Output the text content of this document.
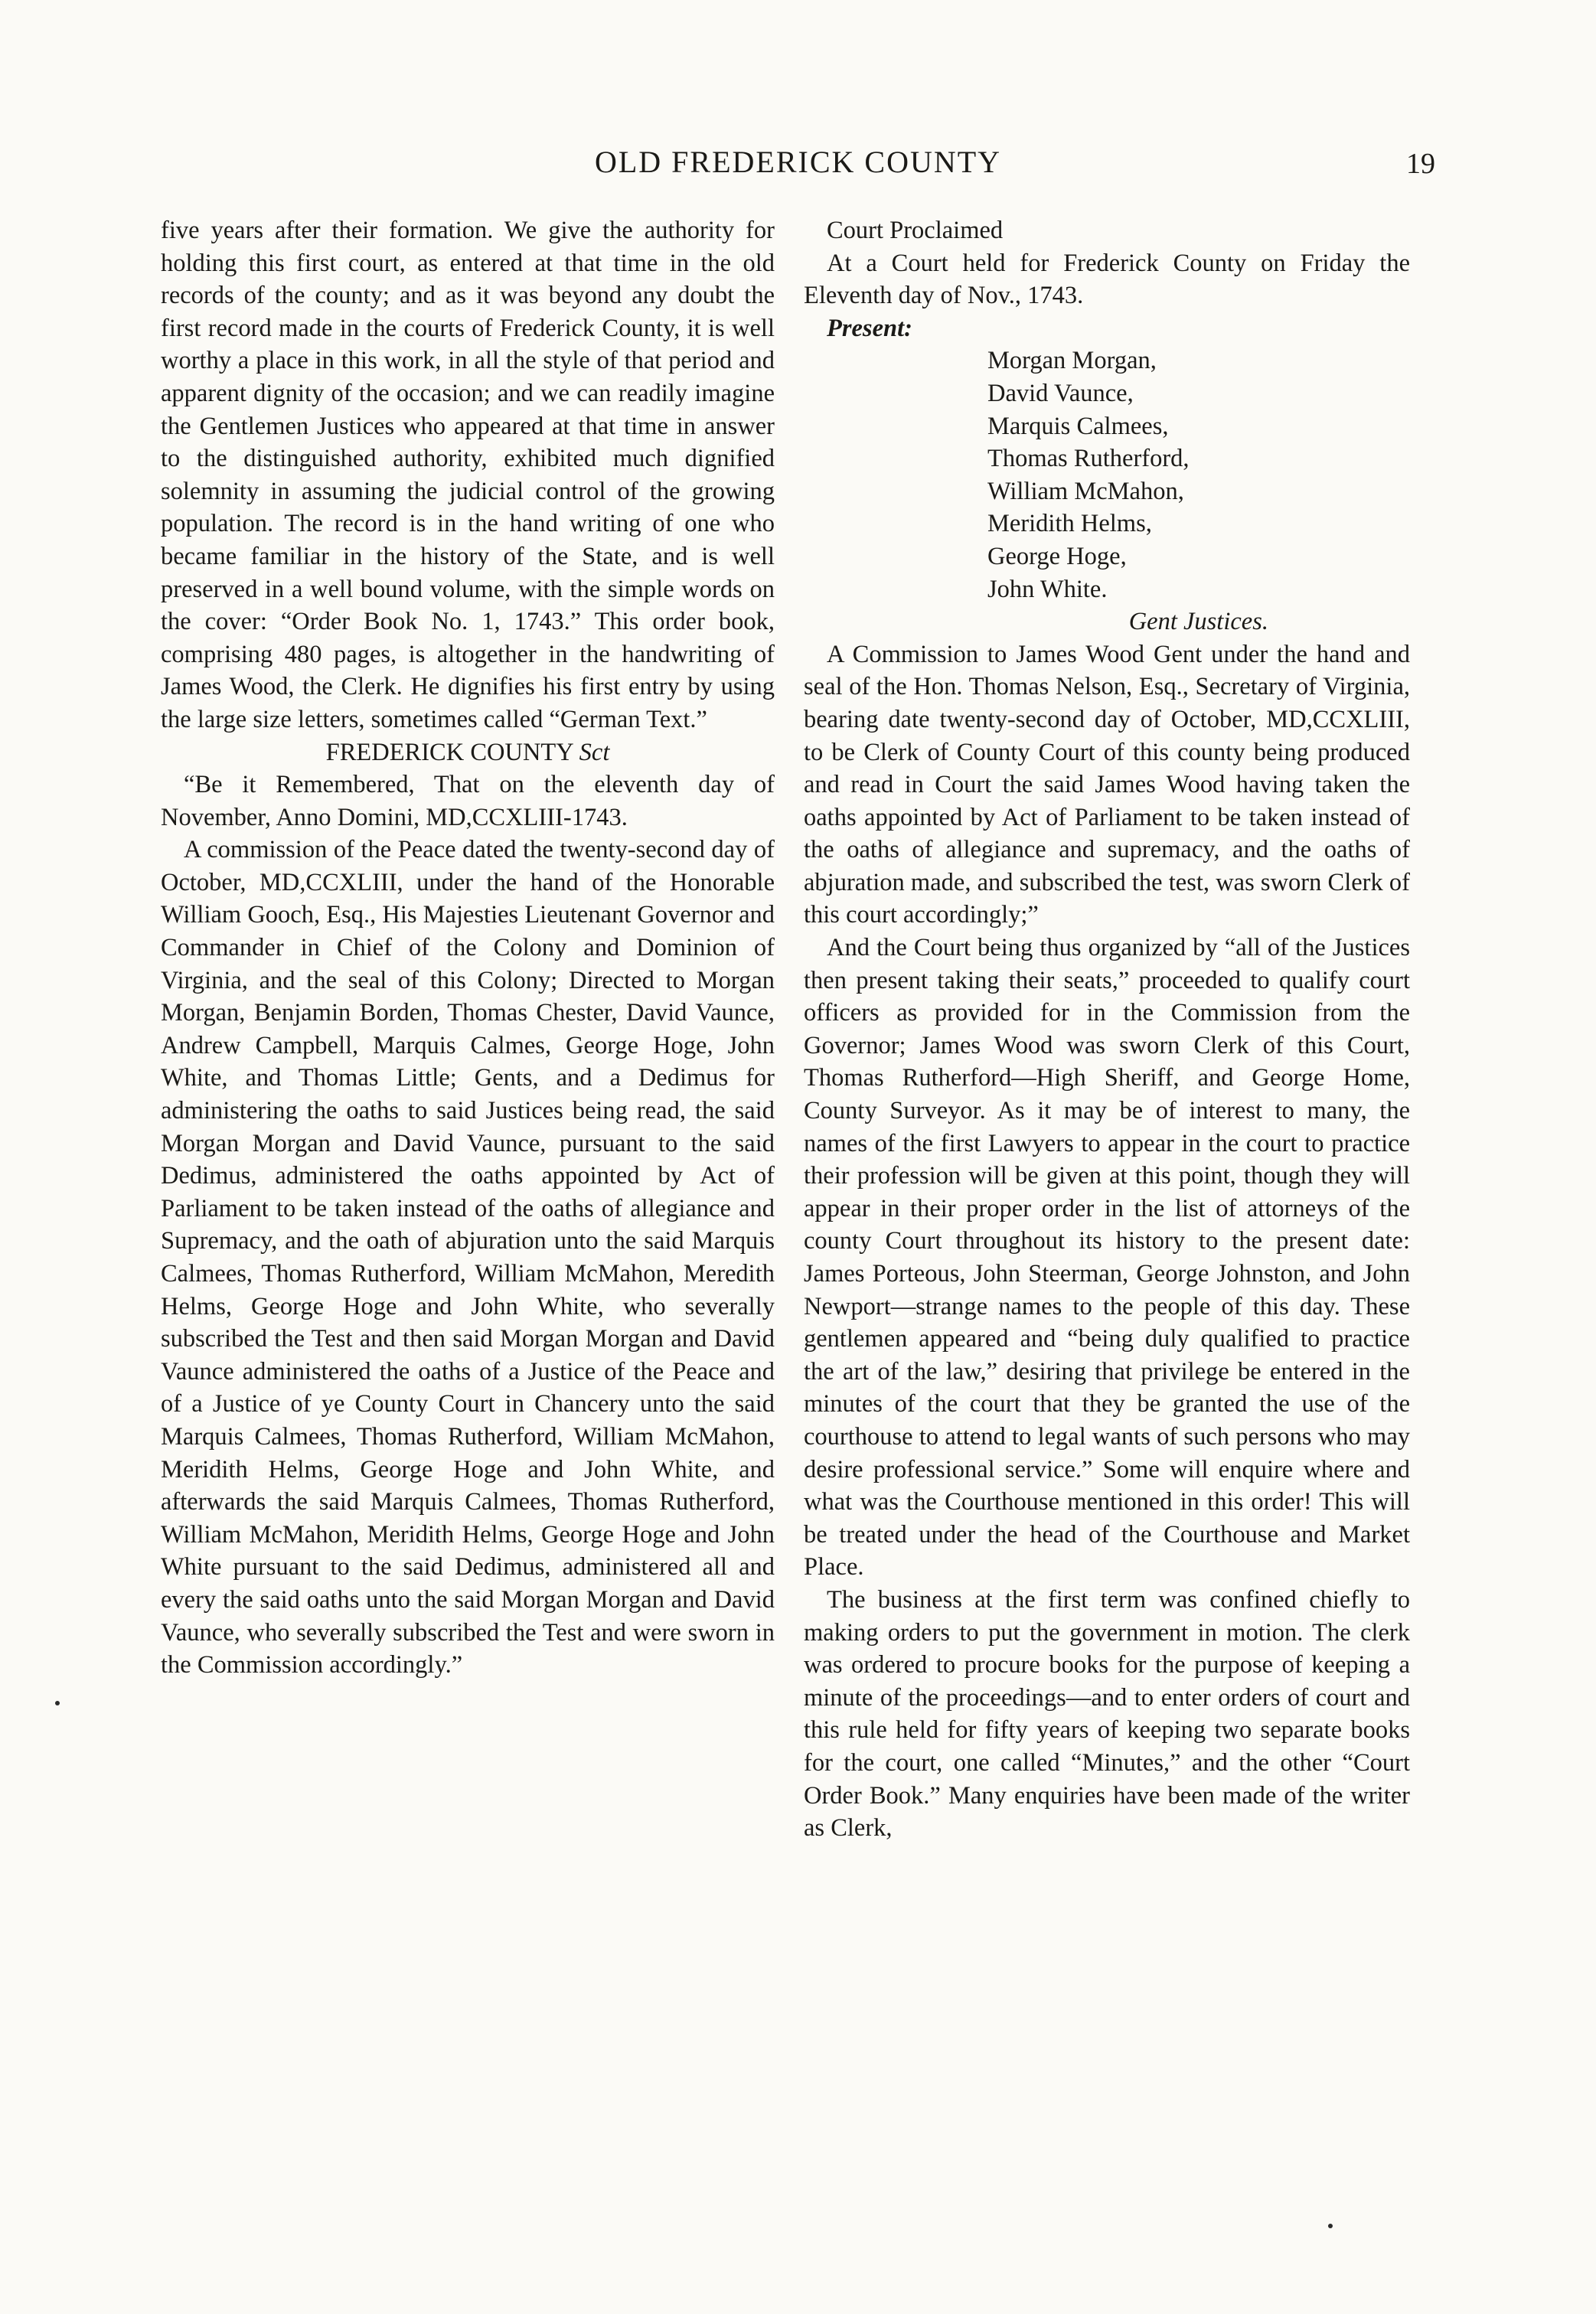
OLD FREDERICK COUNTY	19

five years after their formation. We give the authority for holding this first court, as entered at that time in the old records of the county; and as it was beyond any doubt the first record made in the courts of Frederick County, it is well worthy a place in this work, in all the style of that period and apparent dignity of the occasion; and we can readily imagine the Gentlemen Justices who appeared at that time in answer to the distinguished authority, exhibited much dignified solemnity in assuming the judicial control of the growing population. The record is in the hand writing of one who became familiar in the history of the State, and is well preserved in a well bound volume, with the simple words on the cover: “Order Book No. 1, 1743.” This order book, comprising 480 pages, is altogether in the handwriting of James Wood, the Clerk. He dignifies his first entry by using the large size letters, sometimes called “German Text.”

FREDERICK COUNTY Sct

“Be it Remembered, That on the eleventh day of November, Anno Domini, MD,CCXLIII-1743.

A commission of the Peace dated the twenty-second day of October, MD,CCXLIII, under the hand of the Honorable William Gooch, Esq., His Majesties Lieutenant Governor and Commander in Chief of the Colony and Dominion of Virginia, and the seal of this Colony; Directed to Morgan Morgan, Benjamin Borden, Thomas Chester, David Vaunce, Andrew Campbell, Marquis Calmes, George Hoge, John White, and Thomas Little; Gents, and a Dedimus for administering the oaths to said Justices being read, the said Morgan Morgan and David Vaunce, pursuant to the said Dedimus, administered the oaths appointed by Act of Parliament to be taken instead of the oaths of allegiance and Supremacy, and the oath of abjuration unto the said Marquis Calmees, Thomas Rutherford, William McMahon, Meredith Helms, George Hoge and John White, who severally subscribed the Test and then said Morgan Morgan and David Vaunce administered the oaths of a Justice of the Peace and of a Justice of ye County Court in Chancery unto the said Marquis Calmees, Thomas Rutherford, William McMahon, Meridith Helms, George Hoge and John White, and afterwards the said Marquis Calmees, Thomas Rutherford, William McMahon, Meridith Helms, George Hoge and John White pursuant to the said Dedimus, administered all and every the said oaths unto the said Morgan Morgan and David Vaunce, who severally subscribed the Test and were sworn in the Commission accordingly.”

Court Proclaimed

At a Court held for Frederick County on Friday the Eleventh day of Nov., 1743.

Present:

Morgan Morgan,
David Vaunce,
Marquis Calmees,
Thomas Rutherford,
William McMahon,
Meridith Helms,
George Hoge,
John White.

Gent Justices.

A Commission to James Wood Gent under the hand and seal of the Hon. Thomas Nelson, Esq., Secretary of Virginia, bearing date twenty-second day of October, MD,CCXLIII, to be Clerk of County Court of this county being produced and read in Court the said James Wood having taken the oaths appointed by Act of Parliament to be taken instead of the oaths of allegiance and supremacy, and the oaths of abjuration made, and subscribed the test, was sworn Clerk of this court accordingly;”

And the Court being thus organized by “all of the Justices then present taking their seats,” proceeded to qualify court officers as provided for in the Commission from the Governor; James Wood was sworn Clerk of this Court, Thomas Rutherford—High Sheriff, and George Home, County Surveyor. As it may be of interest to many, the names of the first Lawyers to appear in the court to practice their profession will be given at this point, though they will appear in their proper order in the list of attorneys of the county Court throughout its history to the present date: James Porteous, John Steerman, George Johnston, and John Newport—strange names to the people of this day. These gentlemen appeared and “being duly qualified to practice the art of the law,” desiring that privilege be entered in the minutes of the court that they be granted the use of the courthouse to attend to legal wants of such persons who may desire professional service.” Some will enquire where and what was the Courthouse mentioned in this order! This will be treated under the head of the Courthouse and Market Place.

The business at the first term was confined chiefly to making orders to put the government in motion. The clerk was ordered to procure books for the purpose of keeping a minute of the proceedings—and to enter orders of court and this rule held for fifty years of keeping two separate books for the court, one called “Minutes,” and the other “Court Order Book.” Many enquiries have been made of the writer as Clerk,
